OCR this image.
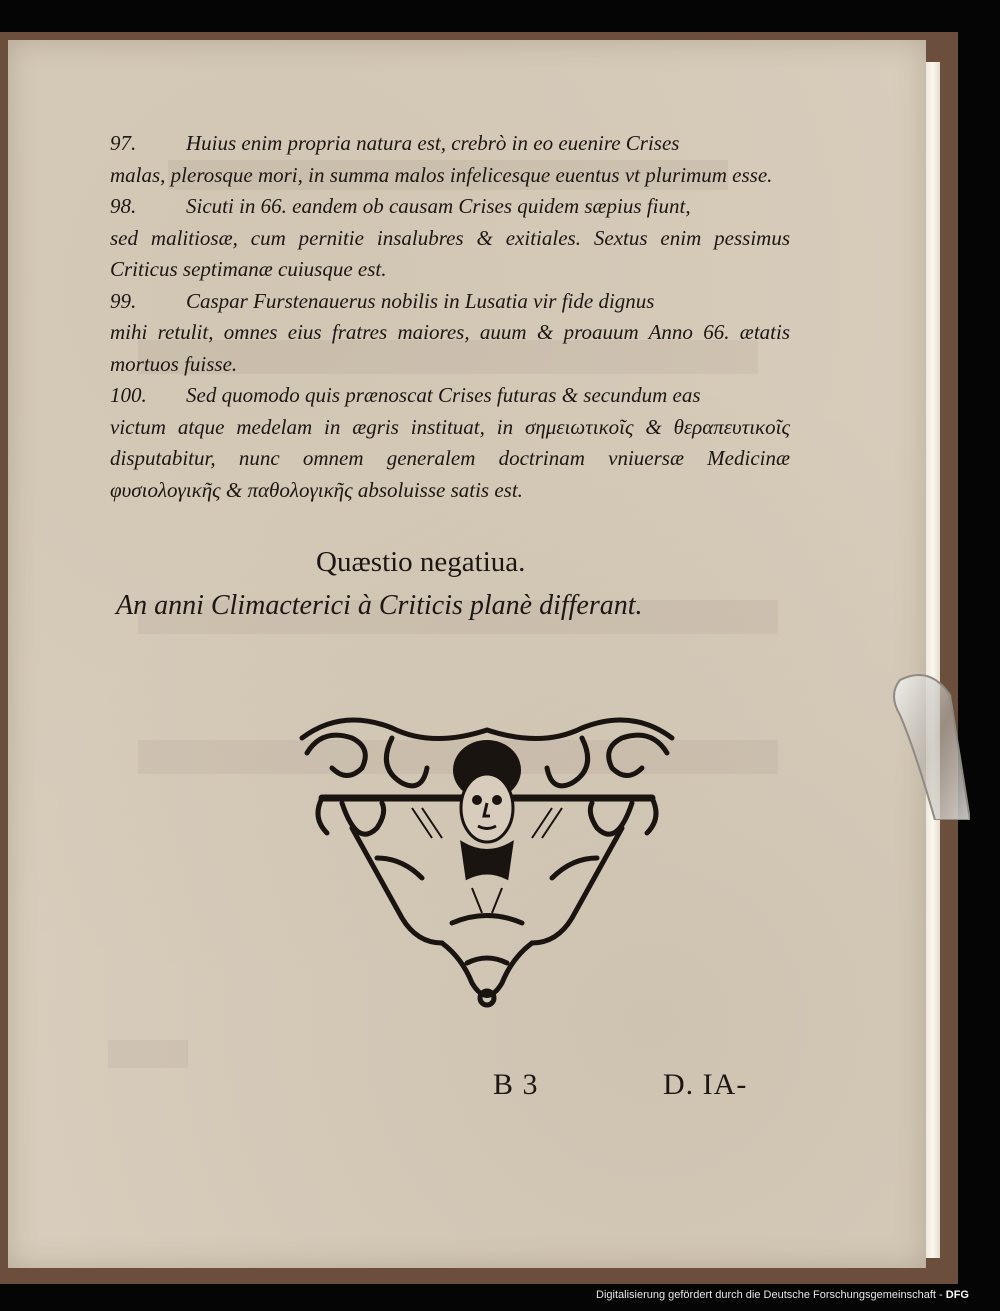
97. Huius enim propria natura est, crebrò in eo euenire Crises
malas, plerosque mori, in summa malos infelicesque euentus vt plurimum esse.
98. Sicuti in 66. eandem ob causam Crises quidem sæpius fiunt,
sed malitiosæ, cum pernitie insalubres & exitiales. Sextus enim pessimus Criticus septimanæ cuiusque est.
99. Caspar Furstenauerus nobilis in Lusatia vir fide dignus
mihi retulit, omnes eius fratres maiores, auum & proauum Anno 66. ætatis mortuos fuisse.
100. Sed quomodo quis prænoscat Crises futuras & secundum eas
victum atque medelam in ægris instituat, in σημειωτικοῖς & θεραπευτικοῖς disputabitur, nunc omnem generalem doctrinam vniuersæ Medicinæ φυσιολογικῆς & παθολογικῆς absoluisse satis est.
Quæstio negatiua.
An anni Climacterici à Criticis planè differant.
B 3	D. IA-
Digitalisierung gefördert durch die Deutsche Forschungsgemeinschaft - DFG
